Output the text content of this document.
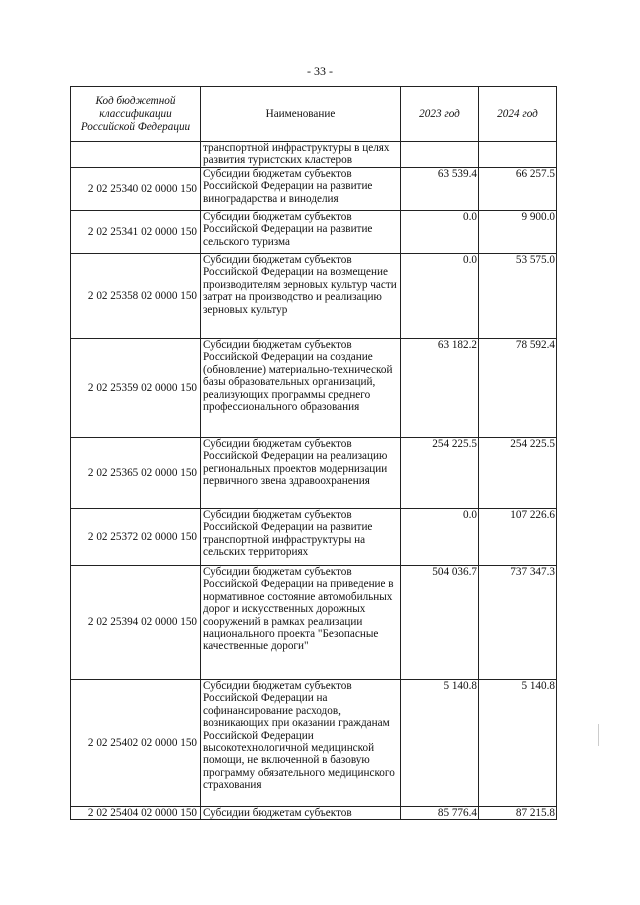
- 33 -
Код бюджетной классификации Российской Федерации	Наименование	2023 год	2024 год
	транспортной инфраструктуры в целях развития туристских кластеров		
2 02 25340 02 0000 150	Субсидии бюджетам субъектов Российской Федерации на развитие виноградарства и виноделия	63 539.4	66 257.5
2 02 25341 02 0000 150	Субсидии бюджетам субъектов Российской Федерации на развитие сельского туризма	0.0	9 900.0
2 02 25358 02 0000 150	Субсидии бюджетам субъектов Российской Федерации на возмещение производителям зерновых культур части затрат на производство и реализацию зерновых культур	0.0	53 575.0
2 02 25359 02 0000 150	Субсидии бюджетам субъектов Российской Федерации на создание (обновление) материально-технической базы образовательных организаций, реализующих программы среднего профессионального образования	63 182.2	78 592.4
2 02 25365 02 0000 150	Субсидии бюджетам субъектов Российской Федерации на реализацию региональных проектов модернизации первичного звена здравоохранения	254 225.5	254 225.5
2 02 25372 02 0000 150	Субсидии бюджетам субъектов Российской Федерации на развитие транспортной инфраструктуры на сельских территориях	0.0	107 226.6
2 02 25394 02 0000 150	Субсидии бюджетам субъектов Российской Федерации на приведение в нормативное состояние автомобильных дорог и искусственных дорожных сооружений в рамках реализации национального проекта "Безопасные качественные дороги"	504 036.7	737 347.3
2 02 25402 02 0000 150	Субсидии бюджетам субъектов Российской Федерации на софинансирование расходов, возникающих при оказании гражданам Российской Федерации высокотехнологичной медицинской помощи, не включенной в базовую программу обязательного медицинского страхования	5 140.8	5 140.8
2 02 25404 02 0000 150	Субсидии бюджетам субъектов	85 776.4	87 215.8
